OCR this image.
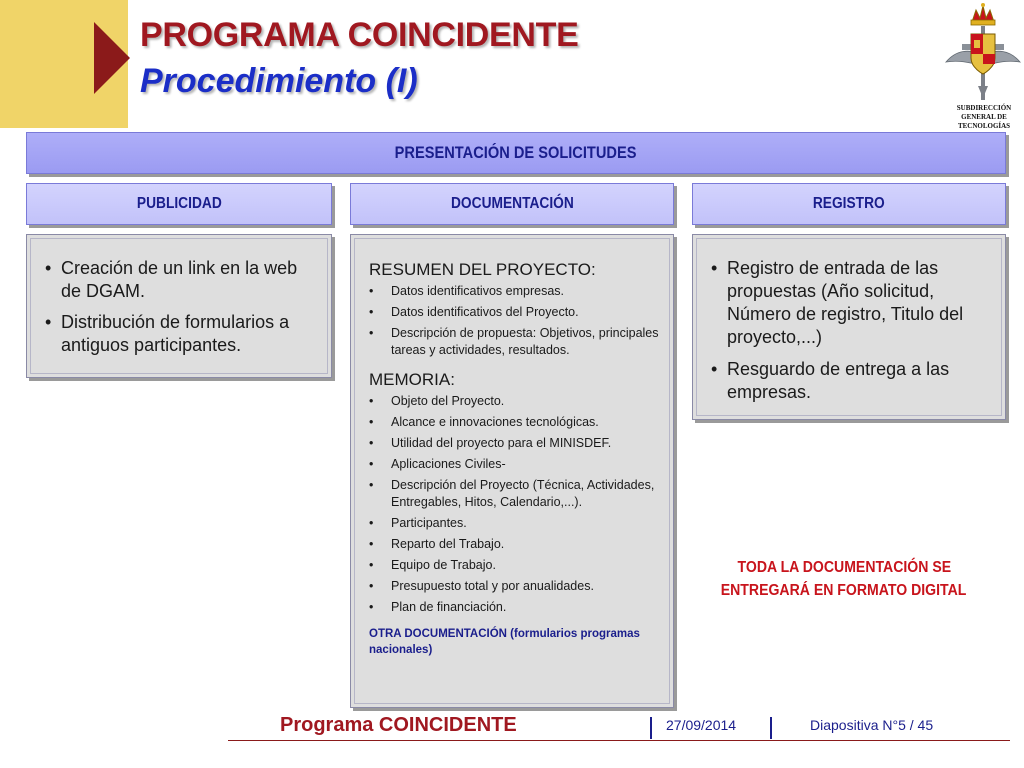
PROGRAMA COINCIDENTE
Procedimiento (I)
SUBDIRECCIÓN
GENERAL DE
TECNOLOGÍAS
PRESENTACIÓN DE SOLICITUDES
PUBLICIDAD	DOCUMENTACIÓN	REGISTRO
• Creación de un link en la web de DGAM.
• Distribución de formularios a antiguos participantes.
RESUMEN DEL PROYECTO:
• Datos identificativos empresas.
• Datos identificativos del Proyecto.
• Descripción de propuesta: Objetivos, principales tareas y actividades, resultados.
MEMORIA:
• Objeto del Proyecto.
• Alcance e innovaciones tecnológicas.
• Utilidad del proyecto para el MINISDEF.
• Aplicaciones Civiles-
• Descripción del Proyecto (Técnica, Actividades, Entregables, Hitos, Calendario,...).
• Participantes.
• Reparto del Trabajo.
• Equipo de Trabajo.
• Presupuesto total y por anualidades.
• Plan de financiación.
OTRA DOCUMENTACIÓN (formularios programas nacionales)
• Registro de entrada de las propuestas (Año solicitud, Número de registro, Titulo del proyecto,...)
• Resguardo de entrega a las empresas.
TODA LA DOCUMENTACIÓN SE
ENTREGARÁ EN FORMATO DIGITAL
Programa COINCIDENTE	27/09/2014	Diapositiva N°5 / 45
